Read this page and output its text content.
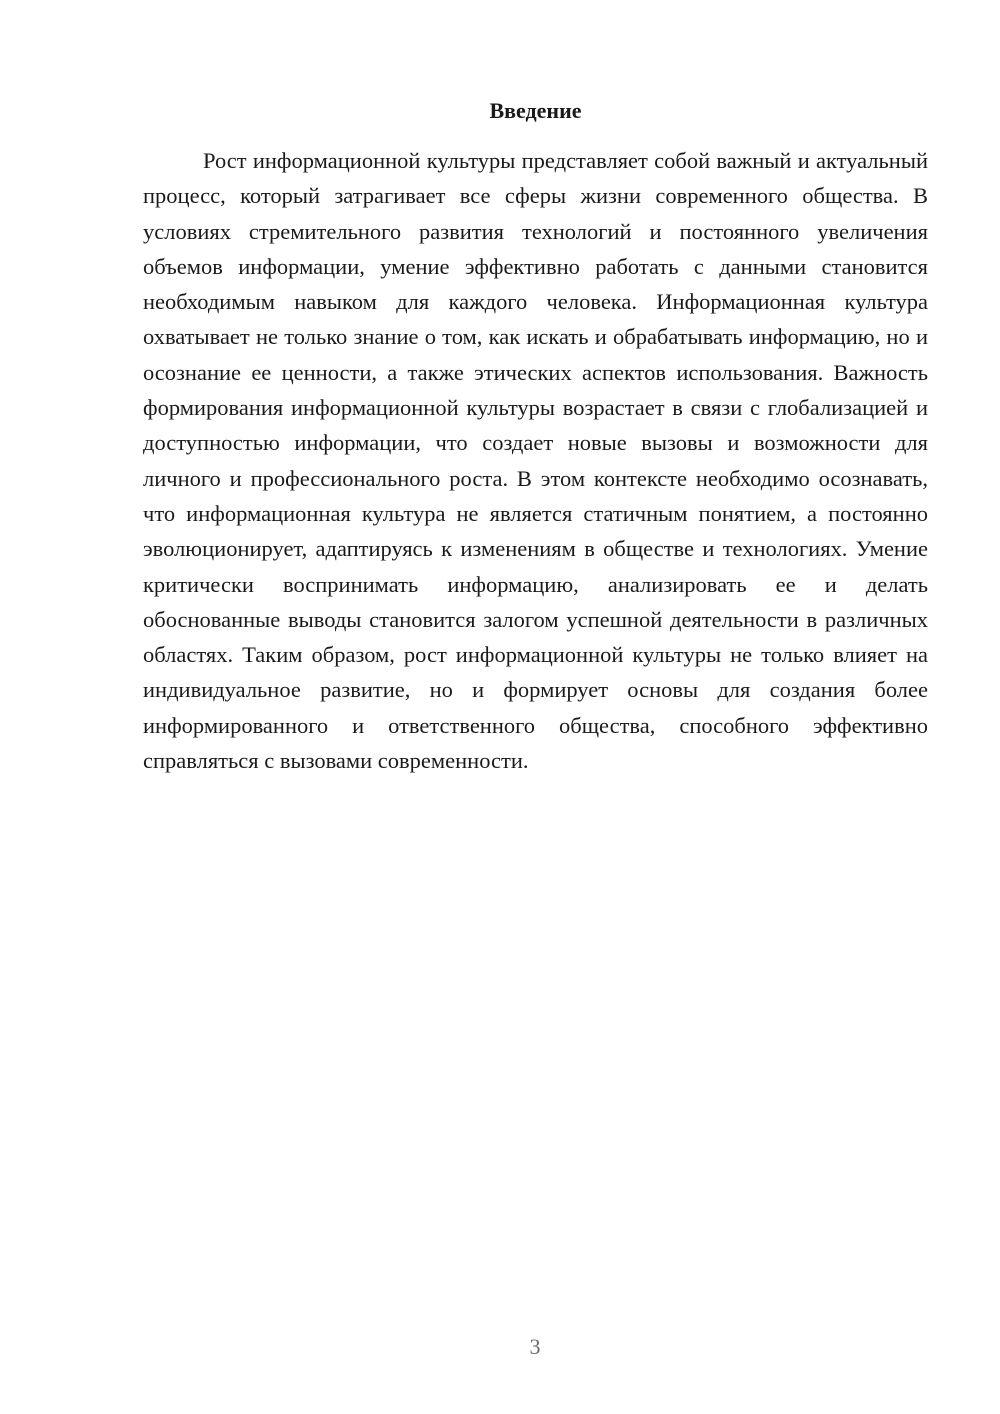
Введение

Рост информационной культуры представляет собой важный и актуальный процесс, который затрагивает все сферы жизни современного общества. В условиях стремительного развития технологий и постоянного увеличения объемов информации, умение эффективно работать с данными становится необходимым навыком для каждого человека. Информационная культура охватывает не только знание о том, как искать и обрабатывать информацию, но и осознание ее ценности, а также этических аспектов использования. Важность формирования информационной культуры возрастает в связи с глобализацией и доступностью информации, что создает новые вызовы и возможности для личного и профессионального роста. В этом контексте необходимо осознавать, что информационная культура не является статичным понятием, а постоянно эволюционирует, адаптируясь к изменениям в обществе и технологиях. Умение критически воспринимать информацию, анализировать ее и делать обоснованные выводы становится залогом успешной деятельности в различных областях. Таким образом, рост информационной культуры не только влияет на индивидуальное развитие, но и формирует основы для создания более информированного и ответственного общества, способного эффективно справляться с вызовами современности.

3
